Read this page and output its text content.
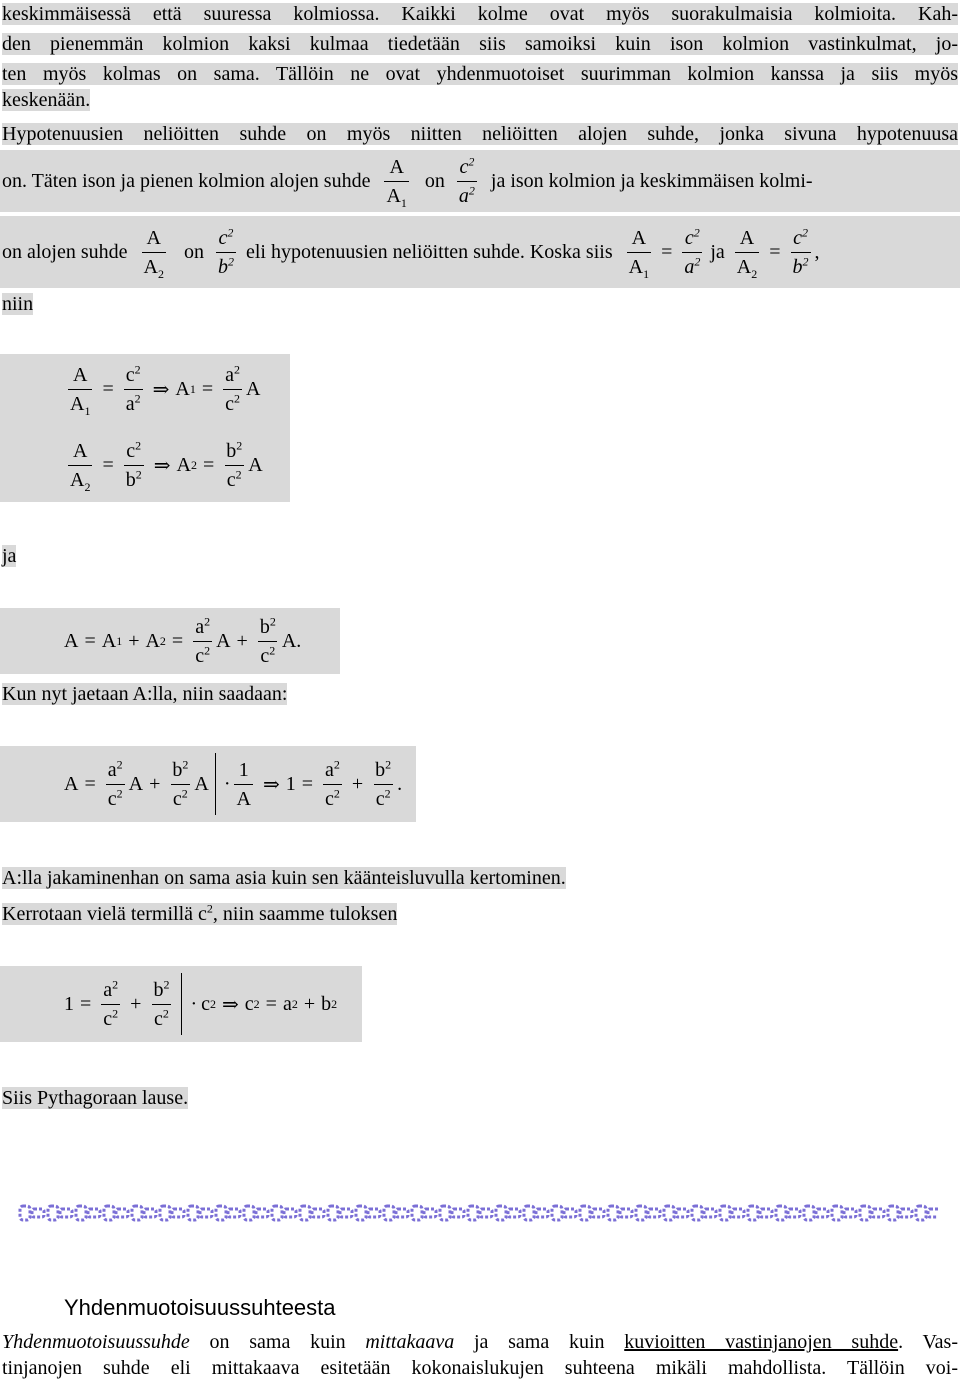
keskimmäisessä että suuressa kolmiossa. Kaikki kolme ovat myös suorakulmaisia kolmioita. Kah-
den pienemmän kolmion kaksi kulmaa tiedetään siis samoiksi kuin ison kolmion vastinkulmat, jo-
ten myös kolmas on sama. Tällöin ne ovat yhdenmuotoiset suurimman kolmion kanssa ja siis myös
keskenään.
Hypotenuusien neliöitten suhde on myös niitten neliöitten alojen suhde, jonka sivuna hypotenuusa
on. Täten ison ja pienen kolmion alojen suhde $\frac{A}{A_1}$ on $\frac{c^2}{a^2}$ ja ison kolmion ja keskimmäisen kolmi-
on alojen suhde $\frac{A}{A_2}$ on $\frac{c^2}{b^2}$ eli hypotenuusien neliöitten suhde. Koska siis $\frac{A}{A_1} = \frac{c^2}{a^2}$ ja $\frac{A}{A_2} = \frac{c^2}{b^2}$ ,
niin
$\frac{A}{A_1} = \frac{c^2}{a^2}$ ⇒ A $1 = \frac{a^2}{c^2}$ A
$\frac{A}{A_2} = \frac{c^2}{b^2}$ ⇒ A $2 = \frac{b^2}{c^2}$ A
ja
A = A 1 + A $2 = \frac{a^2}{c^2}$ $A + \frac{b^2}{c^2}$ A .
Kun nyt jaetaan A:lla, niin saadaan:
$A = \frac{a^2}{c^2}$ $A + \frac{b^2}{c^2}$ $A \cdot \frac{1}{A}$ ⇒ $1 = \frac{a^2}{c^2} + \frac{b^2}{c^2}$ .
A:lla jakaminenhan on sama asia kuin sen käänteisluvulla kertominen.
Kerrotaan vielä termillä $c^2$, niin saamme tuloksen
$1 = \frac{a^2}{c^2} + \frac{b^2}{c^2} \cdot c$ 2 ⇒ c 2 = a 2 + b 2
Siis Pythagoraan lause.
Yhdenmuotoisuussuhteesta
Yhdenmuotoisuussuhde on sama kuin mittakaava ja sama kuin kuvioitten vastinjanojen suhde. Vas-
tinjanojen suhde eli mittakaava esitetään kokonaislukujen suhteena mikäli mahdollista. Tällöin voi-
